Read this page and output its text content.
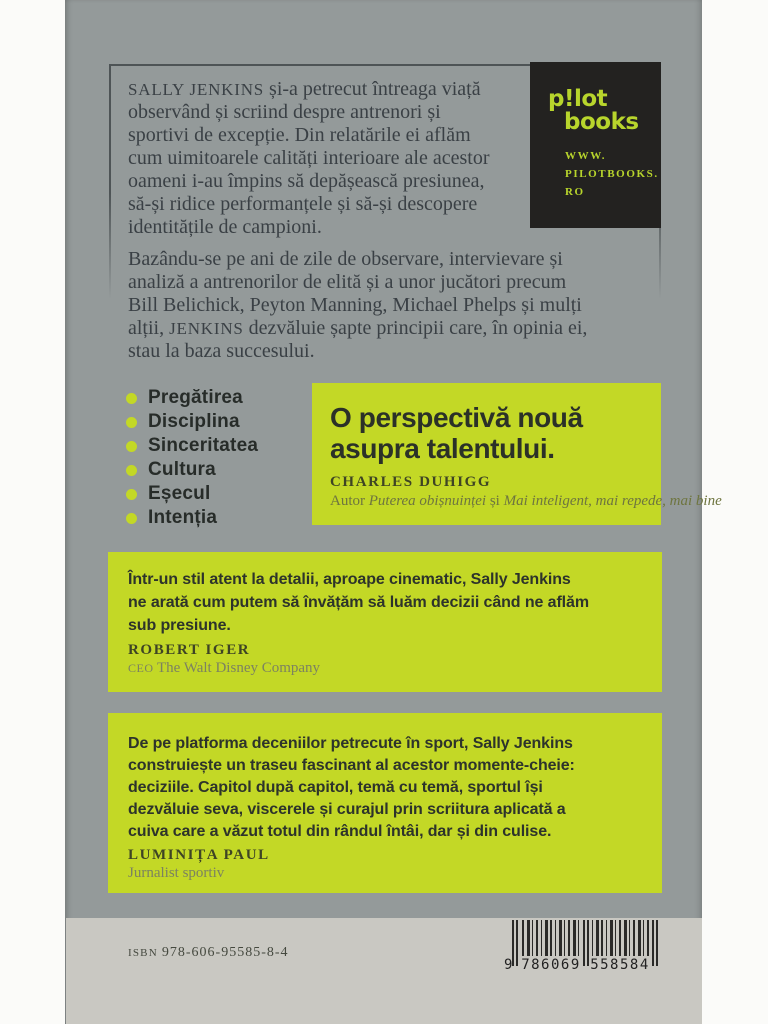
p!lot
books
WWW.
PILOTBOOKS.
RO
SALLY JENKINS și-a petrecut întreaga viață
observând și scriind despre antrenori și
sportivi de excepție. Din relatările ei aflăm
cum uimitoarele calități interioare ale acestor
oameni i-au împins să depășească presiunea,
să-și ridice performanțele și să-și descopere
identitățile de campioni.
Bazându-se pe ani de zile de observare, intervievare și
analiză a antrenorilor de elită și a unor jucători precum
Bill Belichick, Peyton Manning, Michael Phelps și mulți
alții, JENKINS dezvăluie șapte principii care, în opinia ei,
stau la baza succesului.
Pregătirea
Disciplina
Sinceritatea
Cultura
Eșecul
Intenția
O perspectivă nouă
asupra talentului.
CHARLES DUHIGG
Autor Puterea obișnuinței și Mai inteligent, mai repede, mai bine
Într-un stil atent la detalii, aproape cinematic, Sally Jenkins
ne arată cum putem să învățăm să luăm decizii când ne aflăm
sub presiune.
ROBERT IGER
CEO The Walt Disney Company
De pe platforma deceniilor petrecute în sport, Sally Jenkins
construiește un traseu fascinant al acestor momente-cheie:
deciziile. Capitol după capitol, temă cu temă, sportul își
dezvăluie seva, viscerele și curajul prin scriitura aplicată a
cuiva care a văzut totul din rândul întâi, dar și din culise.
LUMINIȚA PAUL
Jurnalist sportiv
ISBN 978-606-95585-8-4
9 786069 558584
